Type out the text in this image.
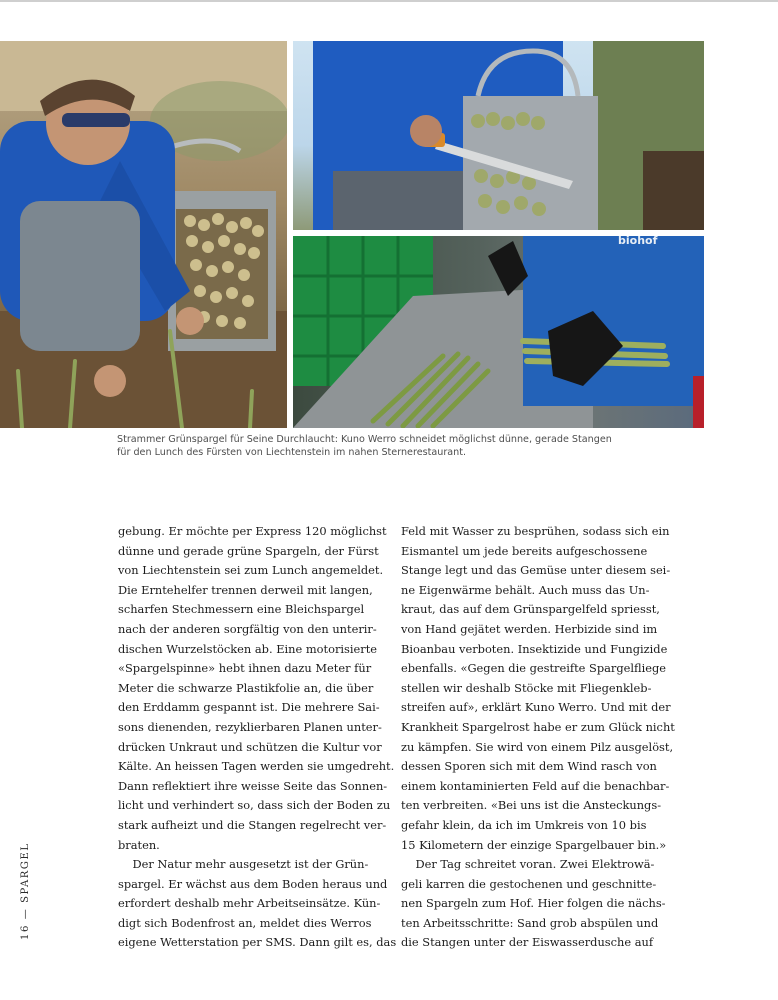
biohof
Strammer Grünspargel für Seine Durchlaucht: Kuno Werro schneidet möglichst dünne, gerade Stangen
für den Lunch des Fürsten von Liechtenstein im nahen Sternerestaurant.
gebung. Er möchte per Express 120 möglichst
dünne und gerade grüne Spargeln, der Fürst
von Liechtenstein sei zum Lunch angemeldet.
Die Erntehelfer trennen derweil mit langen,
scharfen Stechmessern eine Bleichspargel
nach der anderen sorgfältig von den unterir-
dischen Wurzelstöcken ab. Eine motorisierte
«Spargelspinne» hebt ihnen dazu Meter für
Meter die schwarze Plastikfolie an, die über
den Erddamm gespannt ist. Die mehrere Sai-
sons dienenden, rezyklierbaren Planen unter-
drücken Unkraut und schützen die Kultur vor
Kälte. An heissen Tagen werden sie umgedreht.
Dann reflektiert ihre weisse Seite das Sonnen-
licht und verhindert so, dass sich der Boden zu
stark aufheizt und die Stangen regelrecht ver-
braten.
Der Natur mehr ausgesetzt ist der Grün-
spargel. Er wächst aus dem Boden heraus und
erfordert deshalb mehr Arbeitseinsätze. Kün-
digt sich Bodenfrost an, meldet dies Werros
eigene Wetterstation per SMS. Dann gilt es, das
Feld mit Wasser zu besprühen, sodass sich ein
Eismantel um jede bereits aufgeschossene
Stange legt und das Gemüse unter diesem sei-
ne Eigenwärme behält. Auch muss das Un-
kraut, das auf dem Grünspargelfeld spriesst,
von Hand gejätet werden. Herbizide sind im
Bioanbau verboten. Insektizide und Fungizide
ebenfalls. «Gegen die gestreifte Spargelfliege
stellen wir deshalb Stöcke mit Fliegenkleb-
streifen auf», erklärt Kuno Werro. Und mit der
Krankheit Spargelrost habe er zum Glück nicht
zu kämpfen. Sie wird von einem Pilz ausgelöst,
dessen Sporen sich mit dem Wind rasch von
einem kontaminierten Feld auf die benachbar-
ten verbreiten. «Bei uns ist die Ansteckungs-
gefahr klein, da ich im Umkreis von 10 bis
15 Kilometern der einzige Spargelbauer bin.»
Der Tag schreitet voran. Zwei Elektrowä-
geli karren die gestochenen und geschnitte-
nen Spargeln zum Hof. Hier folgen die nächs-
ten Arbeitsschritte: Sand grob abspülen und
die Stangen unter der Eiswasserdusche auf
16 — SPARGEL
